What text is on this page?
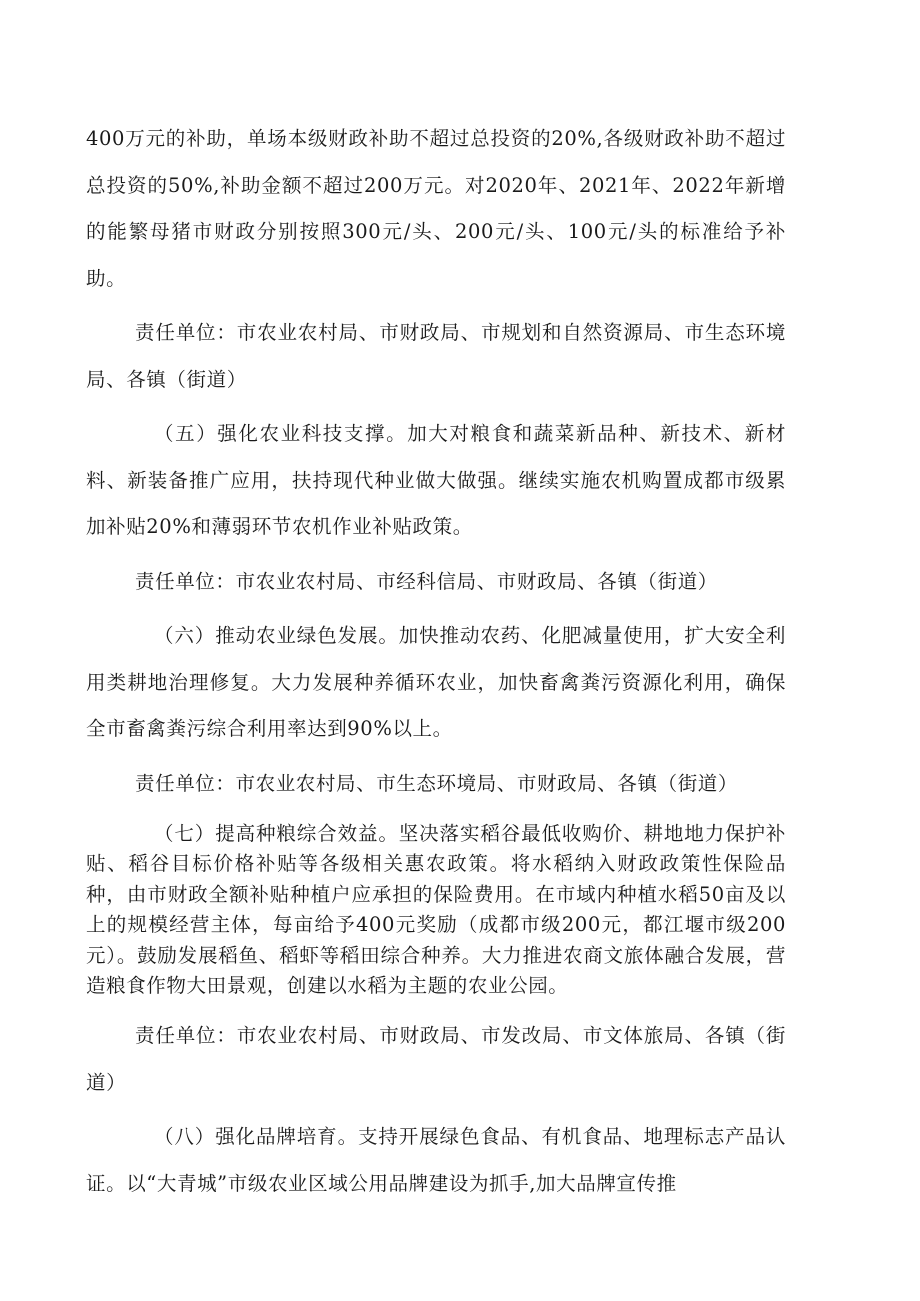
400万元的补助，单场本级财政补助不超过总投资的20%,各级财政补助不超过总投资的50%,补助金额不超过200万元。对2020年、2021年、2022年新增的能繁母猪市财政分别按照300元/头、200元/头、100元/头的标准给予补助。

责任单位：市农业农村局、市财政局、市规划和自然资源局、市生态环境局、各镇（街道）

（五）强化农业科技支撑。加大对粮食和蔬菜新品种、新技术、新材料、新装备推广应用，扶持现代种业做大做强。继续实施农机购置成都市级累加补贴20%和薄弱环节农机作业补贴政策。

责任单位：市农业农村局、市经科信局、市财政局、各镇（街道）

（六）推动农业绿色发展。加快推动农药、化肥减量使用，扩大安全利用类耕地治理修复。大力发展种养循环农业，加快畜禽粪污资源化利用，确保全市畜禽粪污综合利用率达到90%以上。

责任单位：市农业农村局、市生态环境局、市财政局、各镇（街道）

（七）提高种粮综合效益。坚决落实稻谷最低收购价、耕地地力保护补贴、稻谷目标价格补贴等各级相关惠农政策。将水稻纳入财政政策性保险品种，由市财政全额补贴种植户应承担的保险费用。在市域内种植水稻50亩及以上的规模经营主体，每亩给予400元奖励（成都市级200元，都江堰市级200元）。鼓励发展稻鱼、稻虾等稻田综合种养。大力推进农商文旅体融合发展，营造粮食作物大田景观，创建以水稻为主题的农业公园。

责任单位：市农业农村局、市财政局、市发改局、市文体旅局、各镇（街道）

（八）强化品牌培育。支持开展绿色食品、有机食品、地理标志产品认证。以“大青城”市级农业区域公用品牌建设为抓手,加大品牌宣传推
